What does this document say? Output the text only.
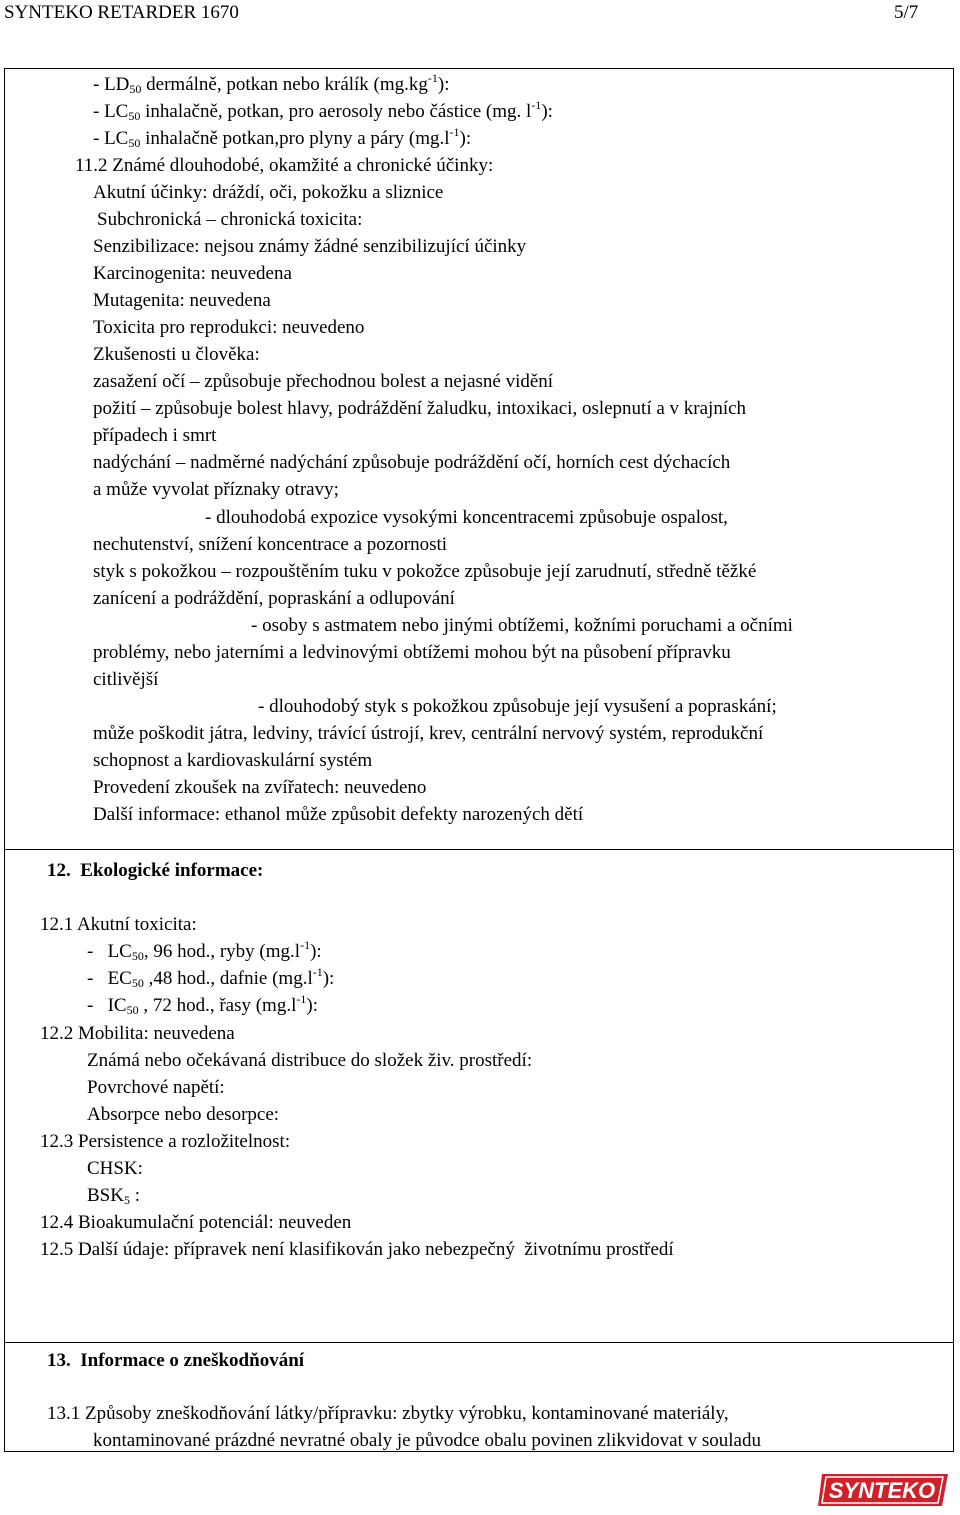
SYNTEKO RETARDER 1670	5/7
- $LD_{50}$ dermálně, potkan nebo králík $(mg.kg^{-1})$:
- $LC_{50}$ inhalačně, potkan, pro aerosoly nebo částice (mg. $l^{-1}$):
- $LC_{50}$ inhalačně potkan,pro plyny a páry $(mg.l^{-1})$:
11.2 Známé dlouhodobé, okamžité a chronické účinky:
Akutní účinky: dráždí, oči, pokožku a sliznice
Subchronická – chronická toxicita:
Senzibilizace: nejsou známy žádné senzibilizující účinky
Karcinogenita: neuvedena
Mutagenita: neuvedena
Toxicita pro reprodukci: neuvedeno
Zkušenosti u člověka:
zasažení očí – způsobuje přechodnou bolest a nejasné vidění
požití – způsobuje bolest hlavy, podráždění žaludku, intoxikaci, oslepnutí a v krajních
případech i smrt
nadýchání – nadměrné nadýchání způsobuje podráždění očí, horních cest dýchacích
a může vyvolat příznaky otravy;
- dlouhodobá expozice vysokými koncentracemi způsobuje ospalost,
nechutenství, snížení koncentrace a pozornosti
styk s pokožkou – rozpouštěním tuku v pokožce způsobuje její zarudnutí, středně těžké
zanícení a podráždění, popraskání a odlupování
- osoby s astmatem nebo jinými obtížemi, kožními poruchami a očními
problémy, nebo jaterními a ledvinovými obtížemi mohou být na působení přípravku
citlivější
- dlouhodobý styk s pokožkou způsobuje její vysušení a popraskání;
může poškodit játra, ledviny, trávící ústrojí, krev, centrální nervový systém, reprodukční
schopnost a kardiovaskulární systém
Provedení zkoušek na zvířatech: neuvedeno
Další informace: ethanol může způsobit defekty narozených dětí
12. Ekologické informace:
12.1 Akutní toxicita:
-   $LC_{50}$, 96 hod., ryby $(mg.l^{-1})$:
-   $EC_{50}$ ,48 hod., dafnie $(mg.l^{-1})$:
-   $IC_{50}$ , 72 hod., řasy $(mg.l^{-1})$:
12.2 Mobilita: neuvedena
Známá nebo očekávaná distribuce do složek živ. prostředí:
Povrchové napětí:
Absorpce nebo desorpce:
12.3 Persistence a rozložitelnost:
CHSK:
$BSK_5$ :
12.4 Bioakumulační potenciál: neuveden
12.5 Další údaje: přípravek není klasifikován jako nebezpečný  životnímu prostředí
13. Informace o zneškodňování
13.1 Způsoby zneškodňování látky/přípravku: zbytky výrobku, kontaminované materiály,
kontaminované prázdné nevratné obaly je původce obalu povinen zlikvidovat v souladu
SYNTEKO
